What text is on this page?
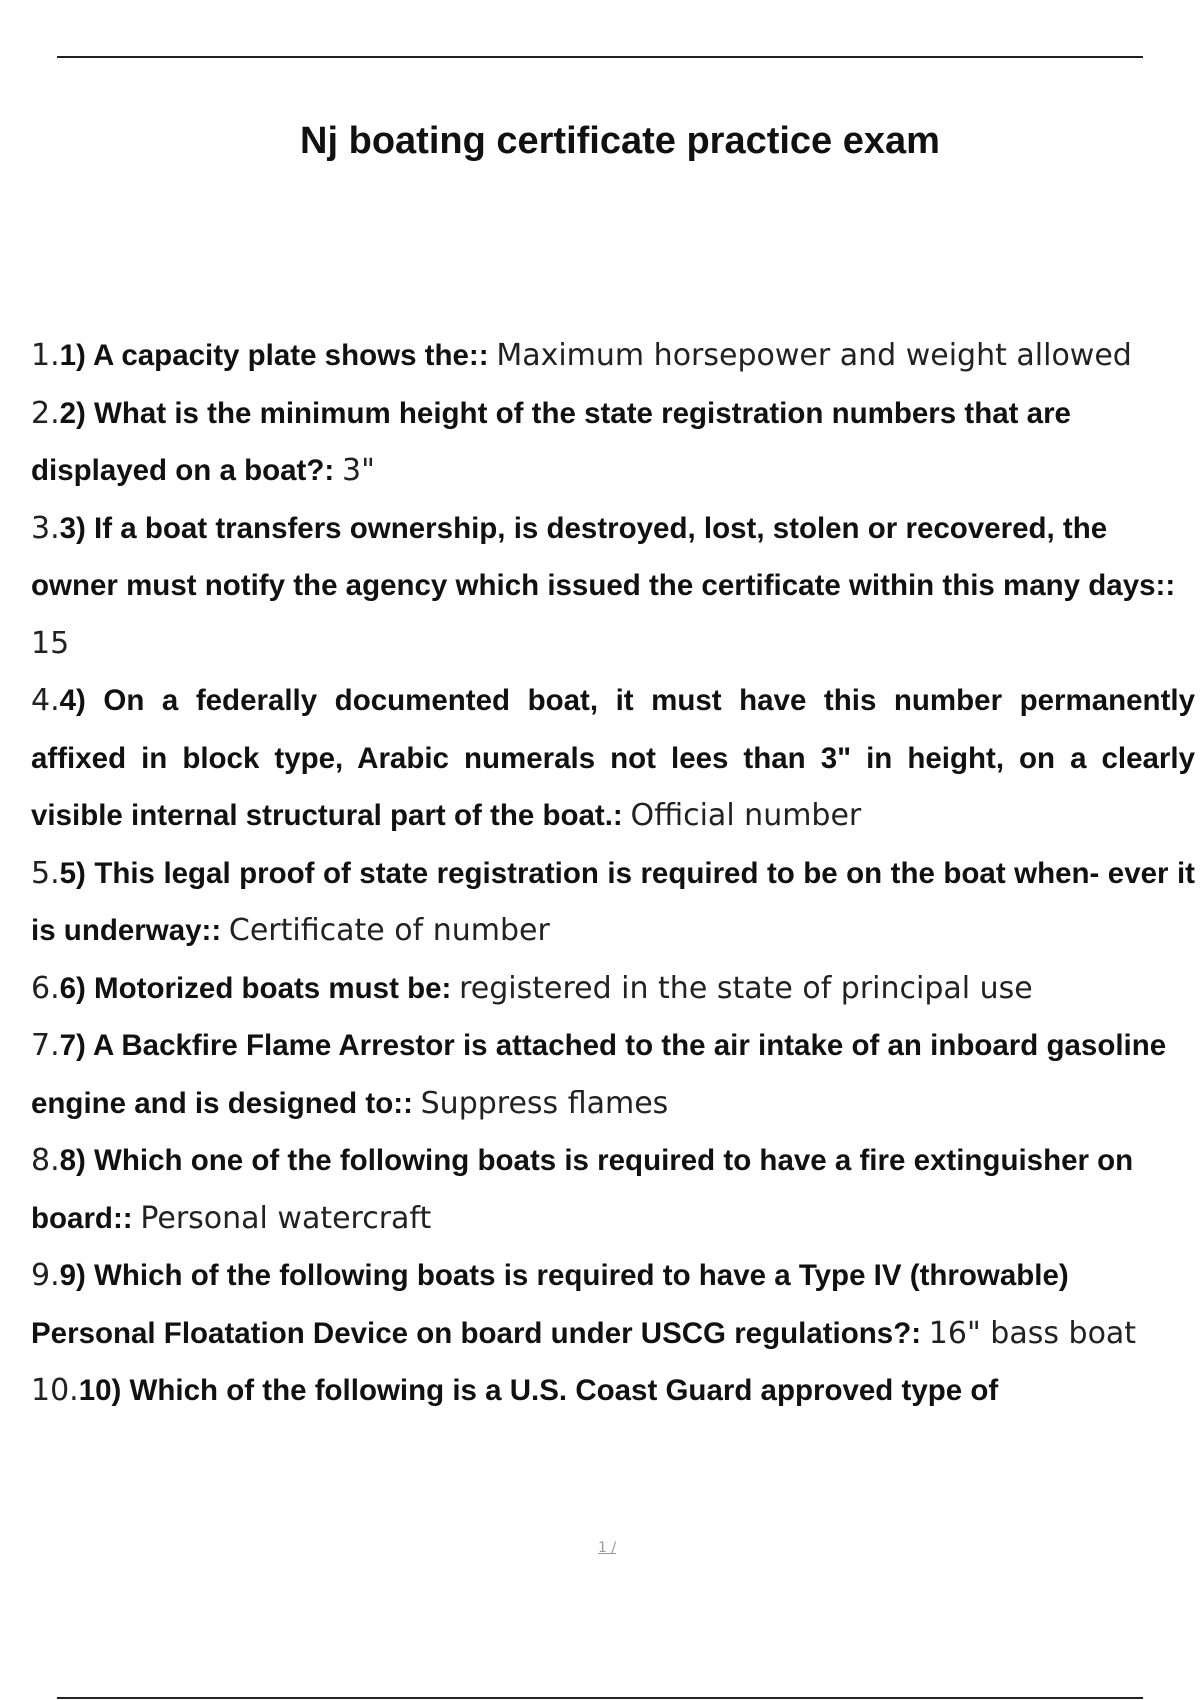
Nj boating certificate practice exam
1.1) A capacity plate shows the:: Maximum horsepower and weight allowed
2.2) What is the minimum height of the state registration numbers that are displayed on a boat?: 3"
3.3) If a boat transfers ownership, is destroyed, lost, stolen or recovered, the owner must notify the agency which issued the certificate within this many days:: 15
4.4) On a federally documented boat, it must have this number permanently affixed in block type, Arabic numerals not lees than 3" in height, on a clearly visible internal structural part of the boat.: Official number
5.5) This legal proof of state registration is required to be on the boat when- ever it is underway:: Certificate of number
6.6) Motorized boats must be: registered in the state of principal use
7.7) A Backfire Flame Arrestor is attached to the air intake of an inboard gasoline engine and is designed to:: Suppress flames
8.8) Which one of the following boats is required to have a fire extinguisher on board:: Personal watercraft
9.9) Which of the following boats is required to have a Type IV (throwable) Personal Floatation Device on board under USCG regulations?: 16" bass boat
10.10) Which of the following is a U.S. Coast Guard approved type of
1 /
